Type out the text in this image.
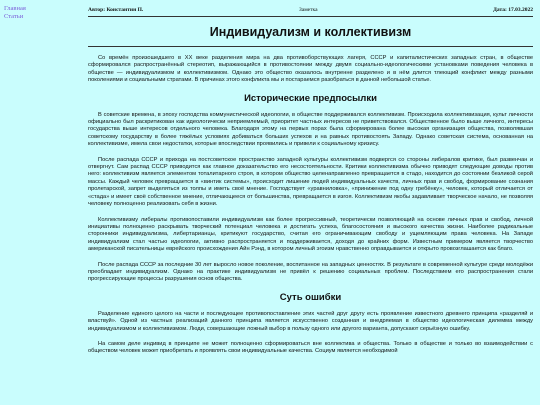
Главная
Статьи
Автор: Константин П.	Заметка	Дата: 17.03.2022
Индивидуализм и коллективизм

Со времён произошедшего в XX веке разделения мира на два противоборствующих лагеря, СССР и капиталистических западных стран, в обществе сформировался распространённый стереотип, выражающийся в противостоянии между двумя социально-идеологическими установками поведения человека в обществе — индивидуализмом и коллективизмом. Однако это общество оказалось внутренне разделено и в нём длится тлеющий конфликт между разными поколениями и социальными стратами. В причинах этого конфликта мы и постараемся разобраться в данной небольшой статье.

Исторические предпосылки

В советские времена, в эпоху господства коммунистической идеологии, в обществе поддерживался коллективизм. Происходила коллективизация, культ личности официально был раскритикован как идеологически неприемлемый, приоритет частных интересов не приветствовался. Общественное было выше личного, интересы государства выше интересов отдельного человека. Благодаря этому на первых порах была сформирована более высокая организация общества, позволявшая советскому государству в более тяжёлых условиях добиваться больших успехов и на равных противостоять Западу. Однако советская система, основанная на коллективизме, имела свои недостатки, которые впоследствии проявились и привели к социальному кризису.

После распада СССР и прихода на постсоветское пространство западной культуры коллективизм подвергся со стороны либералов критике, был развенчан и отвергнут. Сам распад СССР приводится как главное доказательство его несостоятельности. Критики коллективизма обычно приводят следующие доводы против него: коллективизм является элементом тоталитарного строя, в котором общество целенаправленно превращается в стадо, находится до состоянии безликой серой массы. Каждый человек превращается в «винтик системы», происходит лишение людей индивидуальных качеств, личных прав и свобод, формирование сознания пролетарской, запрет выделяться из толпы и иметь своё мнение. Господствует «уравниловка», «принижение под одну гребёнку», человек, который отличается от «стада» и имеет своё собственное мнение, отличающееся от большинства, превращается в изгоя. Коллективизм якобы задавливает творческое начало, не позволяя человеку полноценно реализовать себя в жизни.

Коллективизму либералы противопоставили индивидуализм как более прогрессивный, теоретически позволяющий на основе личных прав и свобод, личной инициативы полноценно раскрывать творческий потенциал человека и достигать успеха, благосостояния и высокого качества жизни. Наиболее радикальные сторонники индивидуализма, либертарианцы, критикуют государство, считая его ограничивающим свободу и ущемляющим права человека. На Западе индивидуализм стал частью идеологии, активно распространяется и поддерживается, доходя до крайних форм. Известным примером является творчество американской писательницы еврейского происхождения Айн Рэнд, в котором личный эгоизм нравственно оправдывается и открыто провозглашается как благо.

После распада СССР за последние 30 лет выросло новое поколение, воспитанное на западных ценностях. В результате в современной культуре среди молодёжи преобладает индивидуализм. Однако на практике индивидуализм не привёл к решению социальных проблем. Последствием его распространения стали прогрессирующие процессы разрушения основ общества.

Суть ошибки

Разделение единого целого на части и последующее противопоставление этих частей друг другу есть проявление известного древнего принципа «разделяй и властвуй». Одной из частных реализаций данного принципа является искусственно созданная и внедряемая в общество идеологическая дилемма между индивидуализмом и коллективизмом. Люди, совершающие ложный выбор в пользу одного или другого варианта, допускают серьёзную ошибку.

На самом деле индивид в принципе не может полноценно сформироваться вне коллектива и общества. Только в обществе и только во взаимодействии с обществом человек может приобретать и проявлять свои индивидуальные качества. Социум является необходимой
